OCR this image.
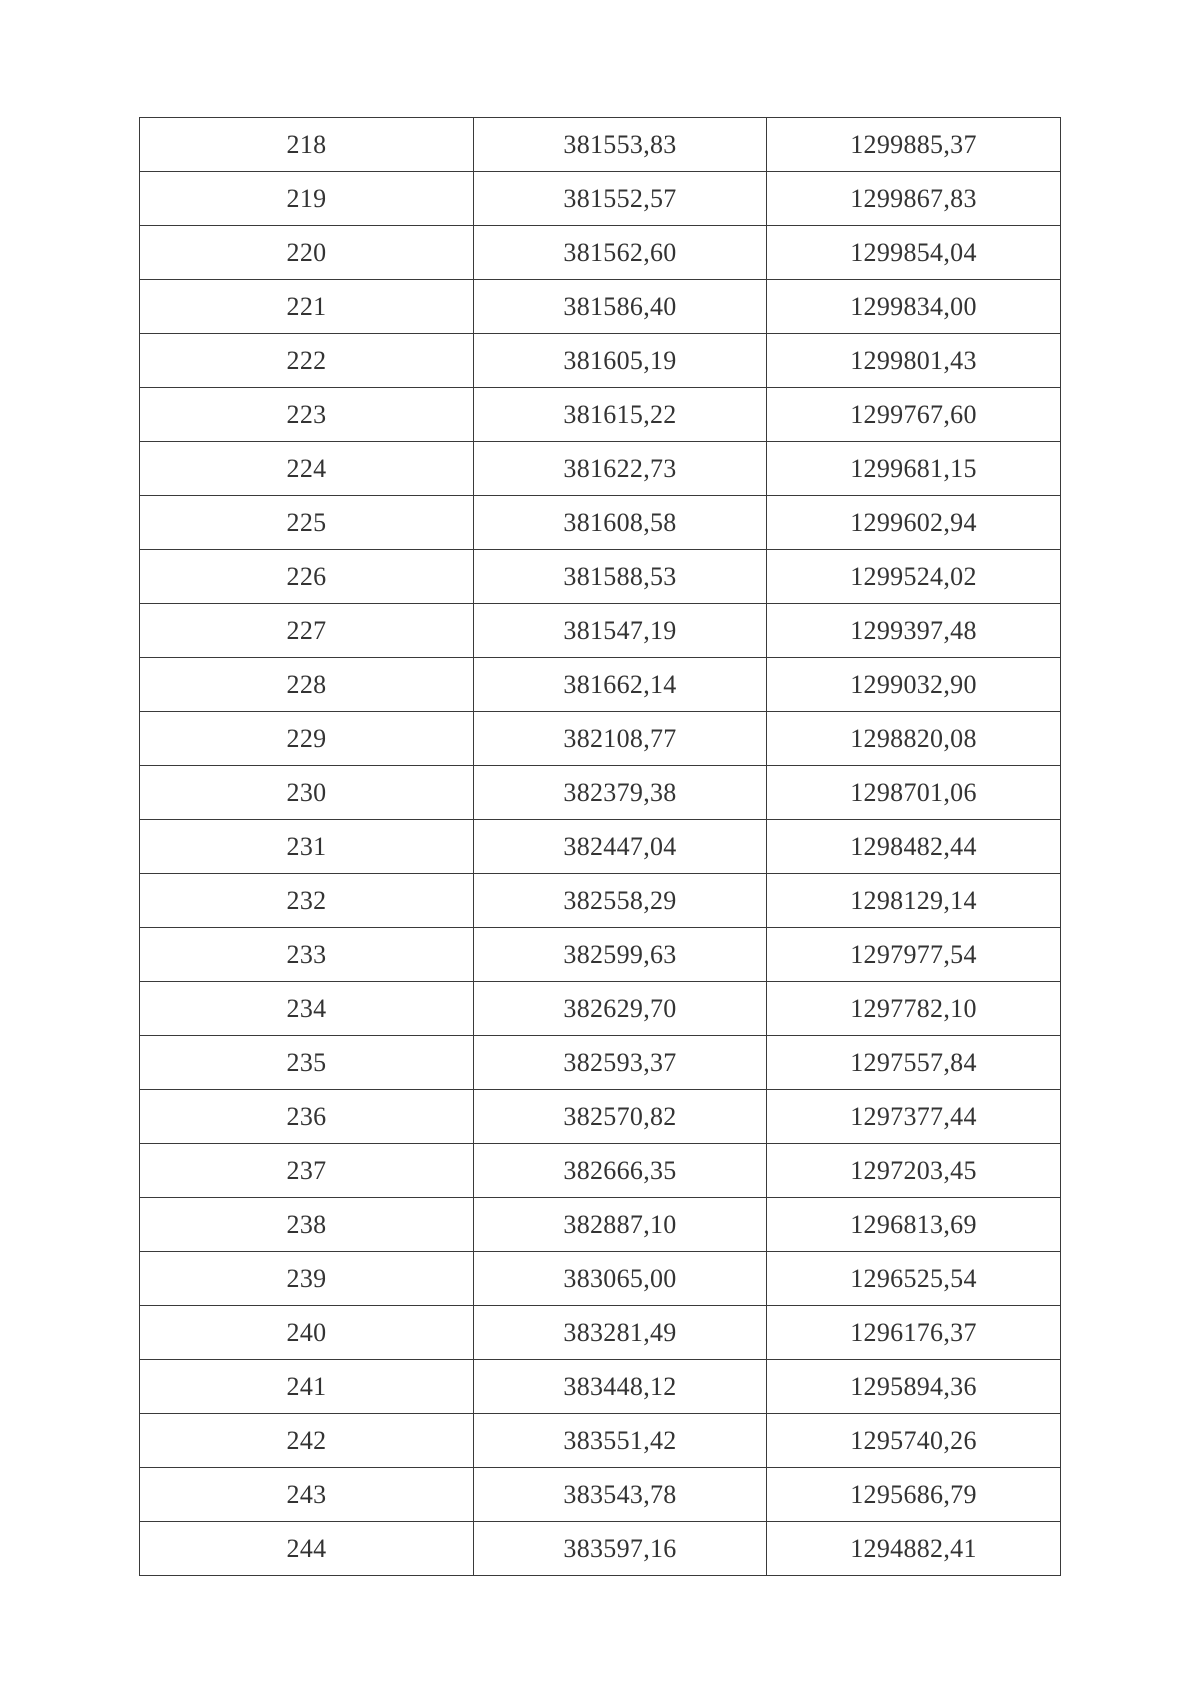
218	381553,83	1299885,37
219	381552,57	1299867,83
220	381562,60	1299854,04
221	381586,40	1299834,00
222	381605,19	1299801,43
223	381615,22	1299767,60
224	381622,73	1299681,15
225	381608,58	1299602,94
226	381588,53	1299524,02
227	381547,19	1299397,48
228	381662,14	1299032,90
229	382108,77	1298820,08
230	382379,38	1298701,06
231	382447,04	1298482,44
232	382558,29	1298129,14
233	382599,63	1297977,54
234	382629,70	1297782,10
235	382593,37	1297557,84
236	382570,82	1297377,44
237	382666,35	1297203,45
238	382887,10	1296813,69
239	383065,00	1296525,54
240	383281,49	1296176,37
241	383448,12	1295894,36
242	383551,42	1295740,26
243	383543,78	1295686,79
244	383597,16	1294882,41
